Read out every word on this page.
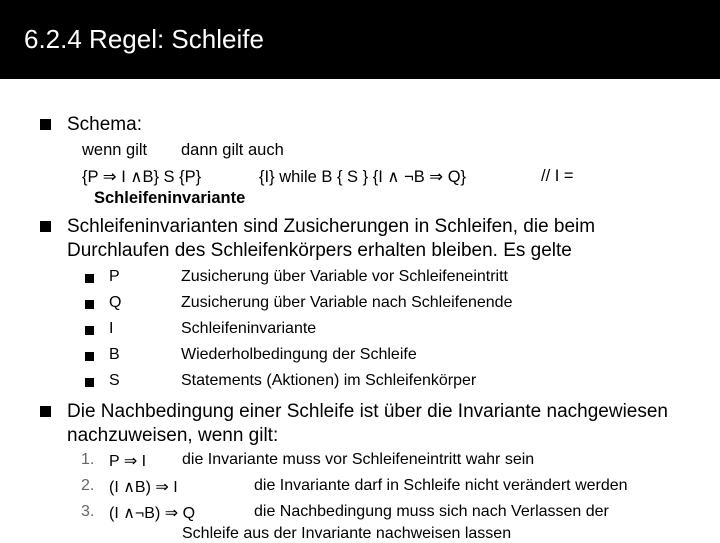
6.2.4 Regel: Schleife
Schema:
wenn gilt dann gilt auch
{P ⇒ I ∧B} S {P}	{I} while B { S } {I ∧ ¬B ⇒ Q}	// I =
Schleifeninvariante
Schleifeninvarianten sind Zusicherungen in Schleifen, die beim
Durchlaufen des Schleifenkörpers erhalten bleiben. Es gelte
P	Zusicherung über Variable vor Schleifeneintritt
Q	Zusicherung über Variable nach Schleifenende
I	Schleifeninvariante
B	Wiederholbedingung der Schleife
S	Statements (Aktionen) im Schleifenkörper
Die Nachbedingung einer Schleife ist über die Invariante nachgewiesen
nachzuweisen, wenn gilt:
1. P ⇒ I die Invariante muss vor Schleifeneintritt wahr sein
2. (I ∧B) ⇒ I	die Invariante darf in Schleife nicht verändert werden
3. (I ∧¬B) ⇒ Q	die Nachbedingung muss sich nach Verlassen der
Schleife aus der Invariante nachweisen lassen
